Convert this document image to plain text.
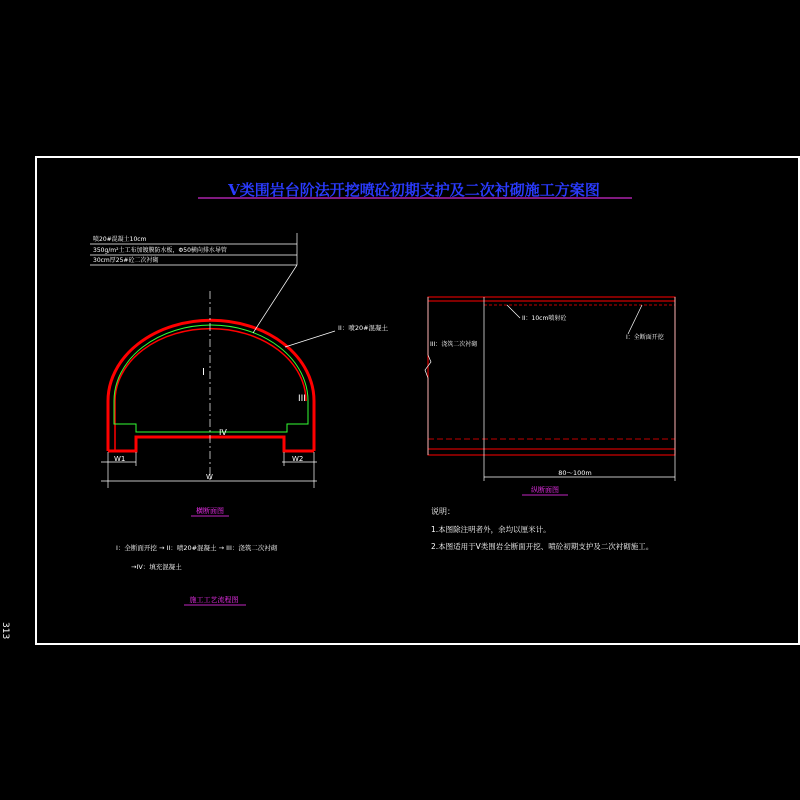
313
V类围岩台阶法开挖喷砼初期支护及二次衬砌施工方案图
I
III
IV
II：喷20#混凝土
喷20#混凝土10cm
350g/m²土工布加镀膜防水板，Φ50横向排水导管
30cm厚25#砼二次衬砌
W1	W2
W
横断面图
III：浇筑二次衬砌
II：10cm喷射砼
I：全断面开挖
80～100m
纵断面图
说明：
1.本图除注明者外，余均以厘米计。
2.本图适用于V类围岩全断面开挖、喷砼初期支护及二次衬砌施工。
I：全断面开挖 → II：喷20#混凝土 → III：浇筑二次衬砌
→IV：填充混凝土
施工工艺流程图
